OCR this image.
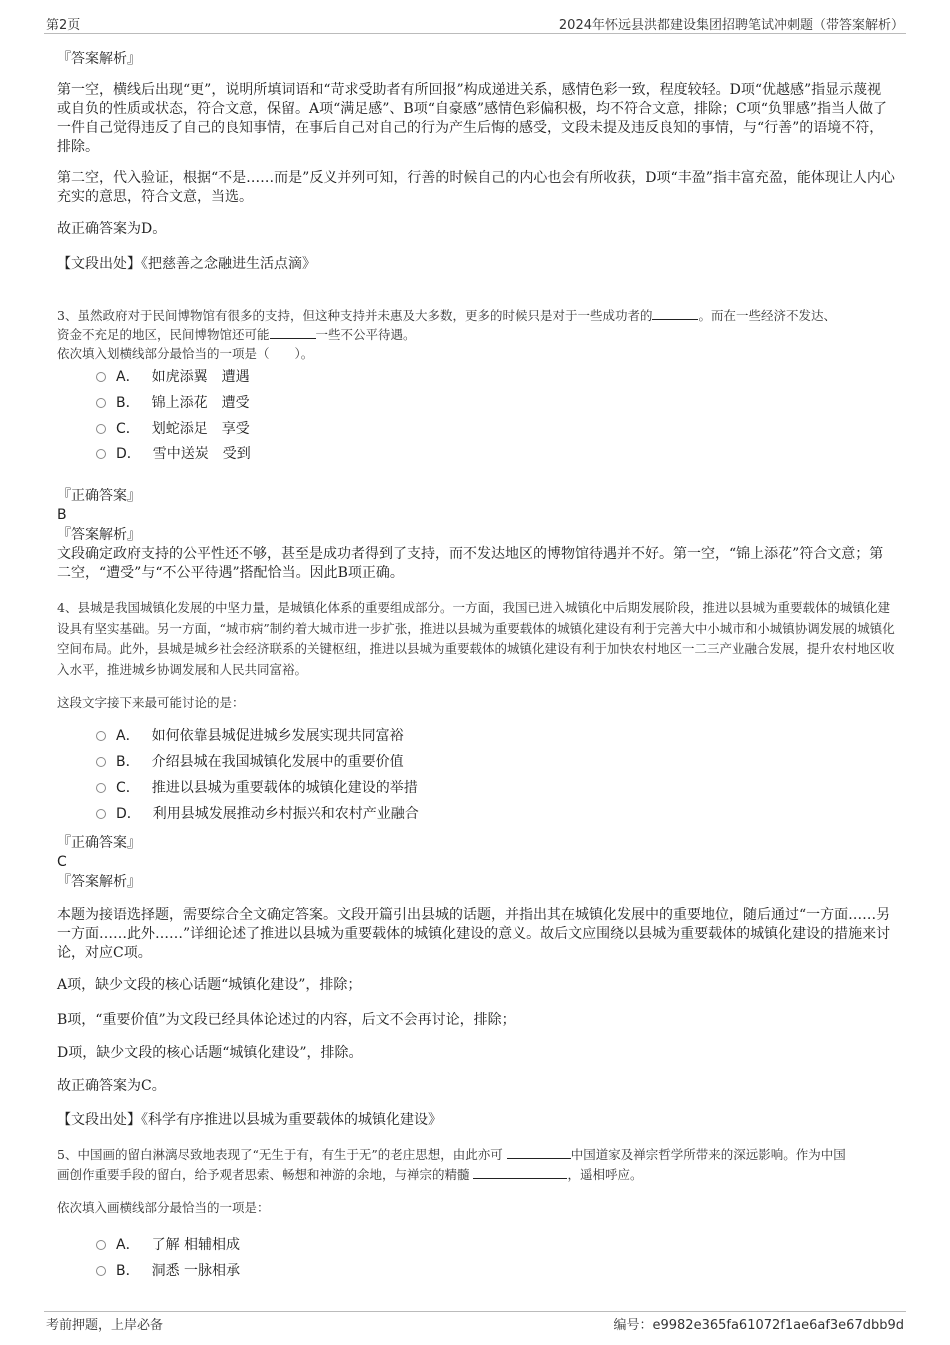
第2页	2024年怀远县洪都建设集团招聘笔试冲刺题（带答案解析）
『答案解析』
第一空，横线后出现“更”，说明所填词语和“苛求受助者有所回报”构成递进关系，感情色彩一致，程度较轻。D项“优越感”指显示蔑视或自负的性质或状态，符合文意，保留。A项“满足感”、B项“自豪感”感情色彩偏积极，均不符合文意，排除；C项“负罪感”指当人做了一件自己觉得违反了自己的良知事情，在事后自己对自己的行为产生后悔的感受，文段未提及违反良知的事情，与“行善”的语境不符，排除。
第二空，代入验证，根据“不是……而是”反义并列可知，行善的时候自己的内心也会有所收获，D项“丰盈”指丰富充盈，能体现让人内心充实的意思，符合文意，当选。
故正确答案为D。
【文段出处】《把慈善之念融进生活点滴》
3、虽然政府对于民间博物馆有很多的支持，但这种支持并未惠及大多数，更多的时候只是对于一些成功者的	。而在一些经济不发达、
资金不充足的地区，民间博物馆还可能	一些不公平待遇。
依次填入划横线部分最恰当的一项是（　　）。
A． 如虎添翼　遭遇
B． 锦上添花　遭受
C． 划蛇添足　享受
D． 雪中送炭　受到
『正确答案』
B
『答案解析』
文段确定政府支持的公平性还不够，甚至是成功者得到了支持，而不发达地区的博物馆待遇并不好。第一空，“锦上添花”符合文意；第二空，“遭受”与“不公平待遇”搭配恰当。因此B项正确。
4、县城是我国城镇化发展的中坚力量，是城镇化体系的重要组成部分。一方面，我国已进入城镇化中后期发展阶段，推进以县城为重要载体的城镇化建设具有坚实基础。另一方面，“城市病”制约着大城市进一步扩张，推进以县城为重要载体的城镇化建设有利于完善大中小城市和小城镇协调发展的城镇化空间布局。此外，县城是城乡社会经济联系的关键枢纽，推进以县城为重要载体的城镇化建设有利于加快农村地区一二三产业融合发展，提升农村地区收入水平，推进城乡协调发展和人民共同富裕。
这段文字接下来最可能讨论的是：
A． 如何依靠县城促进城乡发展实现共同富裕
B． 介绍县城在我国城镇化发展中的重要价值
C． 推进以县城为重要载体的城镇化建设的举措
D． 利用县城发展推动乡村振兴和农村产业融合
『正确答案』
C
『答案解析』
本题为接语选择题，需要综合全文确定答案。文段开篇引出县城的话题，并指出其在城镇化发展中的重要地位，随后通过“一方面……另一方面……此外……”详细论述了推进以县城为重要载体的城镇化建设的意义。故后文应围绕以县城为重要载体的城镇化建设的措施来讨论，对应C项。
A项，缺少文段的核心话题“城镇化建设”，排除；
B项，“重要价值”为文段已经具体论述过的内容，后文不会再讨论，排除；
D项，缺少文段的核心话题“城镇化建设”，排除。
故正确答案为C。
【文段出处】《科学有序推进以县城为重要载体的城镇化建设》
5、中国画的留白淋漓尽致地表现了“无生于有，有生于无”的老庄思想，由此亦可	中国道家及禅宗哲学所带来的深远影响。作为中国
画创作重要手段的留白，给予观者思索、畅想和神游的余地，与禅宗的精髓	，遥相呼应。
依次填入画横线部分最恰当的一项是：
A． 了解 相辅相成
B． 洞悉 一脉相承
考前押题，上岸必备	编号：e9982e365fa61072f1ae6af3e67dbb9d
